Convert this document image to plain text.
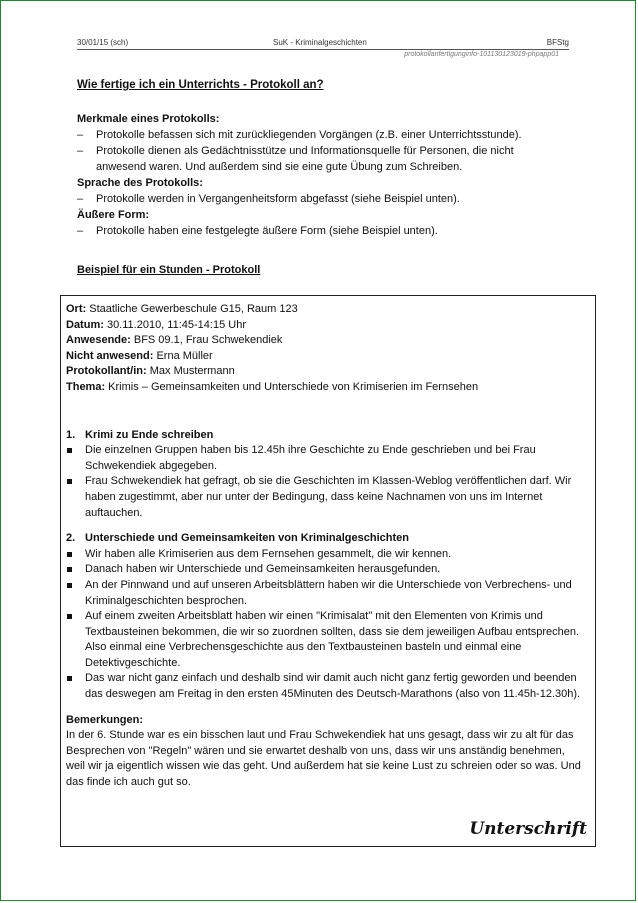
30/01/15 (sch)	SuK - Kriminalgeschichten	BFStg
protokollanfertigunginfo-101130123019-phpapp01
Wie fertige ich ein Unterrichts - Protokoll an?
Merkmale eines Protokolls:
– Protokolle befassen sich mit zurückliegenden Vorgängen (z.B. einer Unterrichtsstunde).
– Protokolle dienen als Gedächtnisstütze und Informationsquelle für Personen, die nicht anwesend waren. Und außerdem sind sie eine gute Übung zum Schreiben.
Sprache des Protokolls:
– Protokolle werden in Vergangenheitsform abgefasst (siehe Beispiel unten).
Äußere Form:
– Protokolle haben eine festgelegte äußere Form (siehe Beispiel unten).
Beispiel für ein Stunden - Protokoll
Ort: Staatliche Gewerbeschule G15, Raum 123
Datum: 30.11.2010, 11:45-14:15 Uhr
Anwesende: BFS 09.1, Frau Schwekendiek
Nicht anwesend: Erna Müller
Protokollant/in: Max Mustermann
Thema: Krimis – Gemeinsamkeiten und Unterschiede von Krimiserien im Fernsehen
1. Krimi zu Ende schreiben
Die einzelnen Gruppen haben bis 12.45h ihre Geschichte zu Ende geschrieben und bei Frau Schwekendiek abgegeben.
Frau Schwekendiek hat gefragt, ob sie die Geschichten im Klassen-Weblog veröffentlichen darf. Wir haben zugestimmt, aber nur unter der Bedingung, dass keine Nachnamen von uns im Internet auftauchen.
2. Unterschiede und Gemeinsamkeiten von Kriminalgeschichten
Wir haben alle Krimiserien aus dem Fernsehen gesammelt, die wir kennen.
Danach haben wir Unterschiede und Gemeinsamkeiten herausgefunden.
An der Pinnwand und auf unseren Arbeitsblättern haben wir die Unterschiede von Verbrechens- und Kriminalgeschichten besprochen.
Auf einem zweiten Arbeitsblatt haben wir einen "Krimisalat" mit den Elementen von Krimis und Textbausteinen bekommen, die wir so zuordnen sollten, dass sie dem jeweiligen Aufbau entsprechen. Also einmal eine Verbrechensgeschichte aus den Textbausteinen basteln und einmal eine Detektivgeschichte.
Das war nicht ganz einfach und deshalb sind wir damit auch nicht ganz fertig geworden und beenden das deswegen am Freitag in den ersten 45Minuten des Deutsch-Marathons (also von 11.45h-12.30h).
Bemerkungen:
In der 6. Stunde war es ein bisschen laut und Frau Schwekendiek hat uns gesagt, dass wir zu alt für das Besprechen von "Regeln" wären und sie erwartet deshalb von uns, dass wir uns anständig benehmen, weil wir ja eigentlich wissen wie das geht. Und außerdem hat sie keine Lust zu schreien oder so was. Und das finde ich auch gut so.
Unterschrift
